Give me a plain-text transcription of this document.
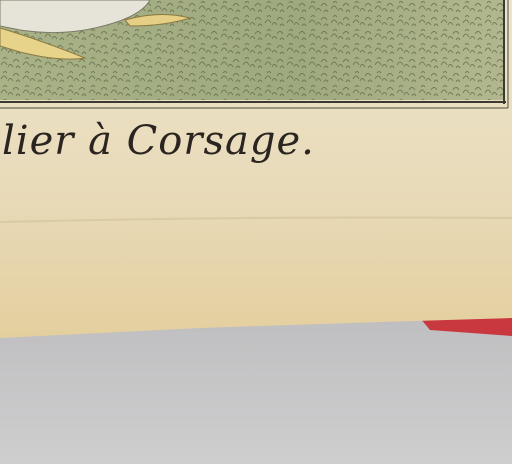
lier à Corsage.
